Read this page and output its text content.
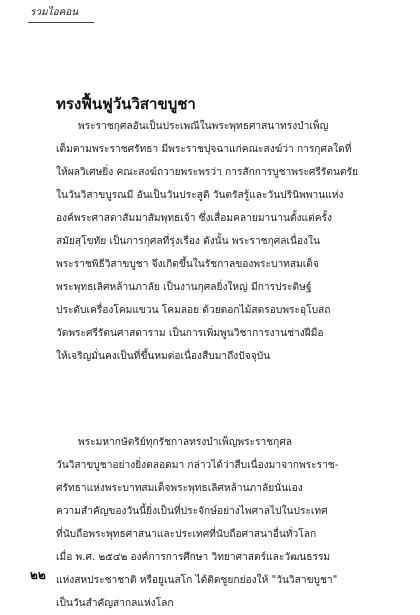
รวมไอคอน
ทรงฟื้นฟูวันวิสาขบูชา
พระราชกุศลอันเป็นประเพณีในพระพุทธศาสนาทรงบำเพ็ญ
เต็มตามพระราชศรัทธา มีพระราชปุจฉาแก่คณะสงฆ์ว่า การกุศลใดที่
ให้ผลวิเศษยิ่ง คณะสงฆ์ถวายพระพรว่า การสักการบูชาพระศรีรัตนตรัย
ในวันวิสาขบูรณมี อันเป็นวันประสูติ วันตรัสรู้และวันปรินิพพานแห่ง
องค์พระศาสดาสัมมาสัมพุทธเจ้า ซึ่งเสื่อมคลายมานานตั้งแต่ครั้ง
สมัยสุโขทัย เป็นการกุศลที่รุ่งเรือง ดังนั้น พระราชกุศลเนื่องใน
พระราชพิธีวิสาขบูชา จึงเกิดขึ้นในรัชกาลของพระบาทสมเด็จ
พระพุทธเลิศหล้านภาลัย เป็นงานกุศลยิ่งใหญ่ มีการประดิษฐ์
ประดับเครื่องโคมแขวน โคมลอย ด้วยดอกไม้สดรอบพระอุโบสถ
วัดพระศรีรัตนศาสดาราม เป็นการเพิ่มพูนวิชาการงานช่างฝีมือ
ให้เจริญมั่นคงเป็นที่ขึ้นหมด่อเนื่องสืบมาถึงปัจจุบัน
พระมหากษัตริย์ทุกรัชกาลทรงบำเพ็ญพระราชกุศล
วันวิสาขบูชาอย่างยิ่งตลอดมา กล่าวได้ว่าสืบเนื่องมาจากพระราช-
ศรัทธาแห่งพระบาทสมเด็จพระพุทธเลิศหล้านภาลัยนั่นเอง
ความสำคัญของวันนี้ยิ่งเป็นที่ประจักษ์อย่างไพศาลไปในประเทศ
ที่นับถือพระพุทธศาสนาและประเทศที่นับถือศาสนาอื่นทั่วโลก
เมื่อ พ.ศ. ๒๕๔๒ องค์การการศึกษา วิทยาศาสตร์และวัฒนธรรม
แห่งสหประชาชาติ หรือยูเนสโก ได้ติดชูยกย่องให้ "วันวิสาขบูชา"
เป็นวันสำคัญสากลแห่งโลก
๒๒
